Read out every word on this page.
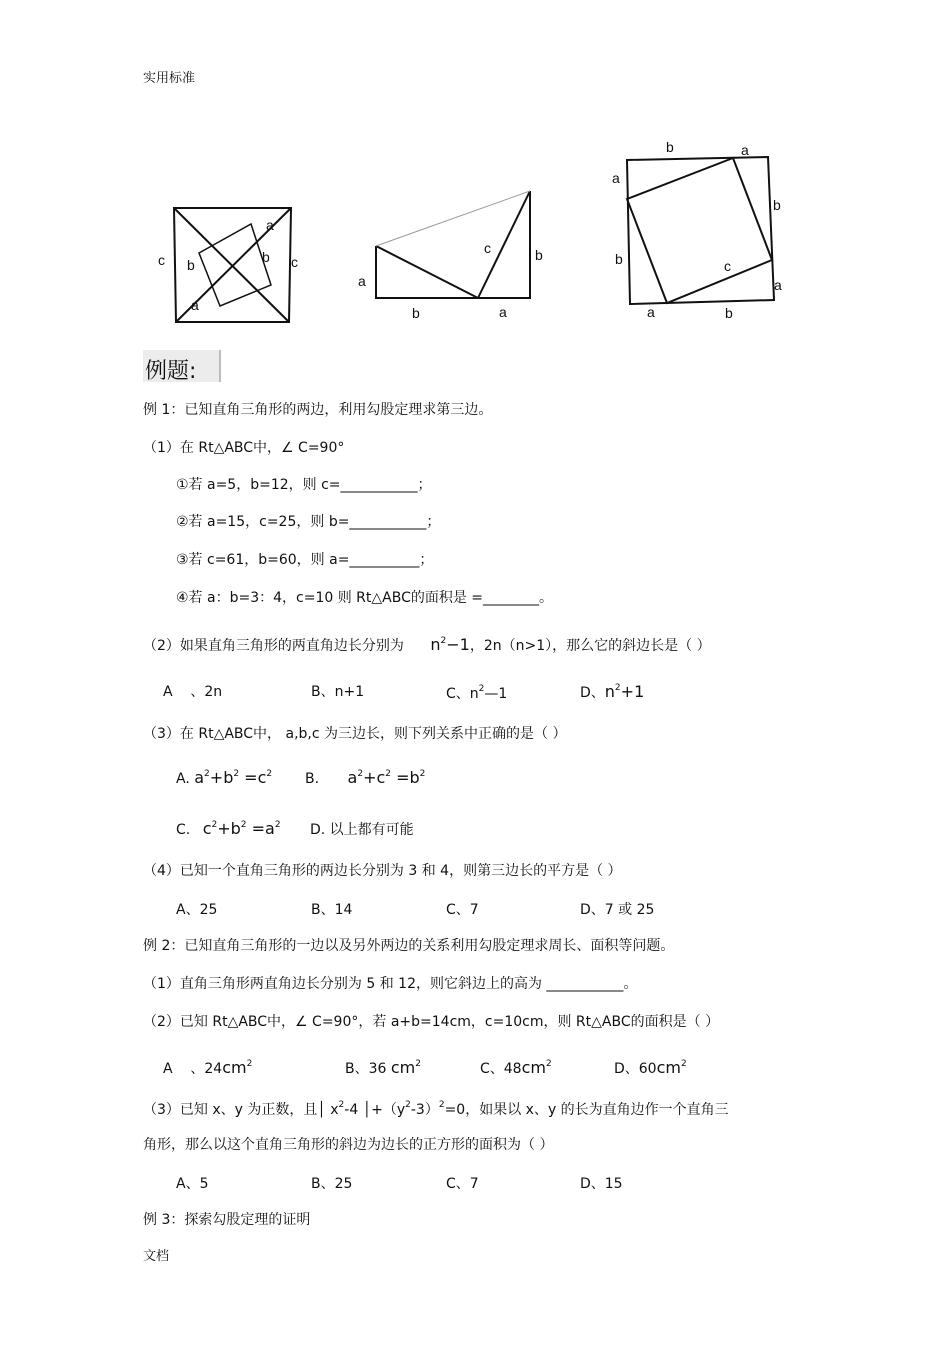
实用标准
文档
a
b
c	b c
a
c	b
a
b	a
b	a
a
b
b	c
a
a	b
例题:
例 1：已知直角三角形的两边，利用勾股定理求第三边。
（1）在 Rt△ABC中，∠ C=90°
①若 a=5，b=12，则 c=___________；
②若 a=15，c=25，则 b=___________；
③若 c=61，b=60，则 a=__________；
④若 a：b=3：4，c=10 则 Rt△ABC的面积是 =________。
（2）如果直角三角形的两直角边长分别为 $n^2-1$，2n（n>1），那么它的斜边长是（ ）
A 、2n	B、n+1	C、$n^2—1$	D、$n^2+1$
（3）在 Rt△ABC中， a,b,c 为三边长，则下列关系中正确的是（ ）
A. $a^2+b^2 =c^2$ B. $a^2+c^2 =b^2$
C. $c^2+b^2 =a^2$ D. 以上都有可能
（4）已知一个直角三角形的两边长分别为 3 和 4，则第三边长的平方是（ ）
A、25	B、14	C、7	D、7 或 25
例 2：已知直角三角形的一边以及另外两边的关系利用勾股定理求周长、面积等问题。
（1）直角三角形两直角边长分别为 5 和 12，则它斜边上的高为 ___________。
（2）已知 Rt△ABC中，∠ C=90°，若 a+b=14cm，c=10cm，则 Rt△ABC的面积是（ ）
A 、$24cm^2$	B、36 $cm^2$	C、$48cm^2$	D、$60cm^2$
（3）已知 x、y 为正数，且│ $x^2-4$ $│+(y^2-3)^2=0$，如果以 x、y 的长为直角边作一个直角三
角形，那么以这个直角三角形的斜边为边长的正方形的面积为（ ）
A、5	B、25	C、7	D、15
例 3：探索勾股定理的证明
